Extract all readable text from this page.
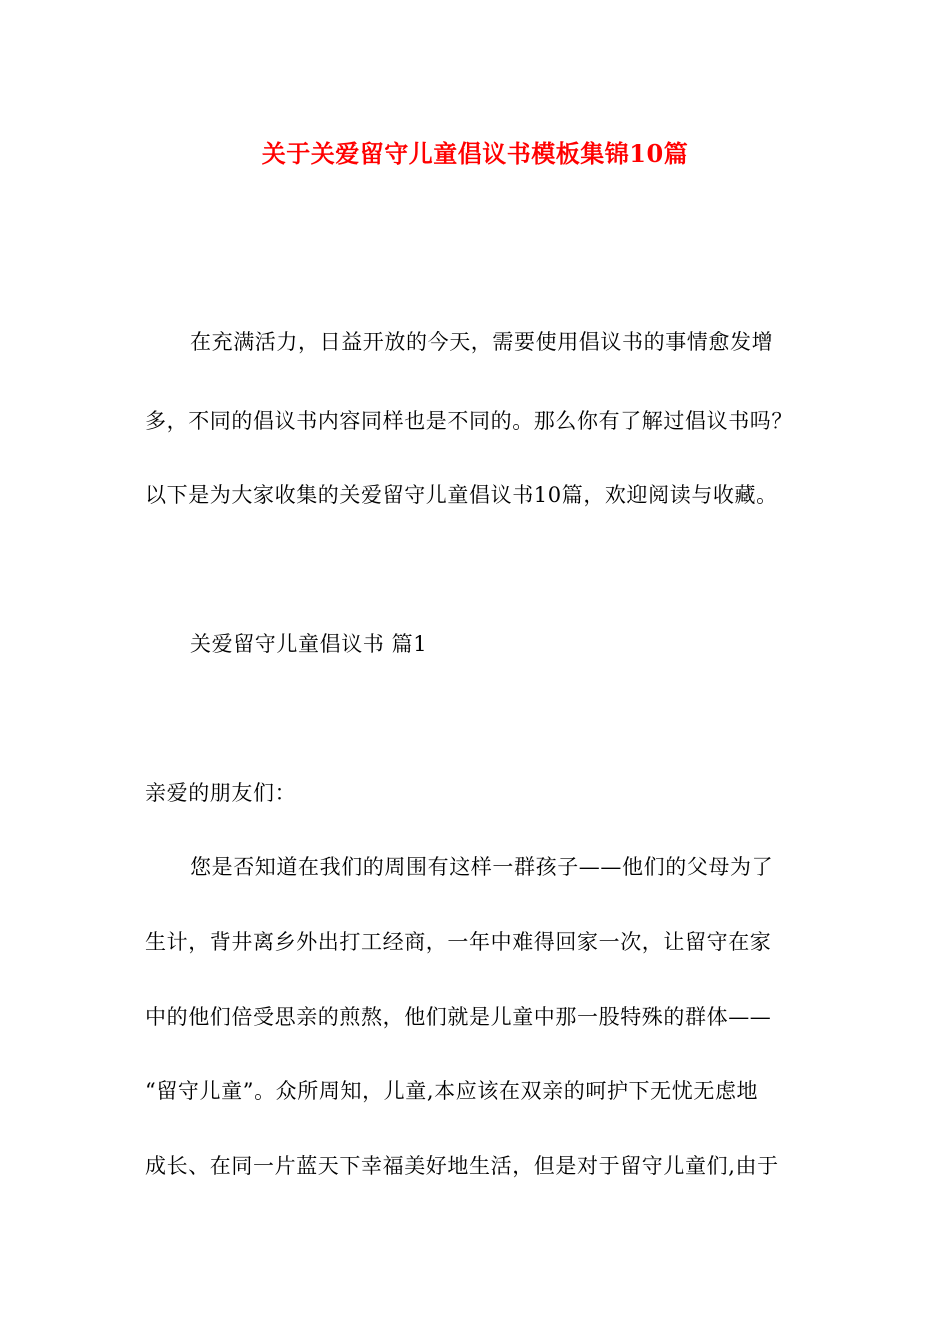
关于关爱留守儿童倡议书模板集锦10篇
在充满活力，日益开放的今天，需要使用倡议书的事情愈发增
多，不同的倡议书内容同样也是不同的。那么你有了解过倡议书吗？
以下是为大家收集的关爱留守儿童倡议书10篇，欢迎阅读与收藏。
关爱留守儿童倡议书 篇1
亲爱的朋友们：
您是否知道在我们的周围有这样一群孩子——他们的父母为了
生计，背井离乡外出打工经商，一年中难得回家一次，让留守在家
中的他们倍受思亲的煎熬，他们就是儿童中那一股特殊的群体——
“留守儿童”。众所周知，儿童,本应该在双亲的呵护下无忧无虑地
成长、在同一片蓝天下幸福美好地生活，但是对于留守儿童们,由于
